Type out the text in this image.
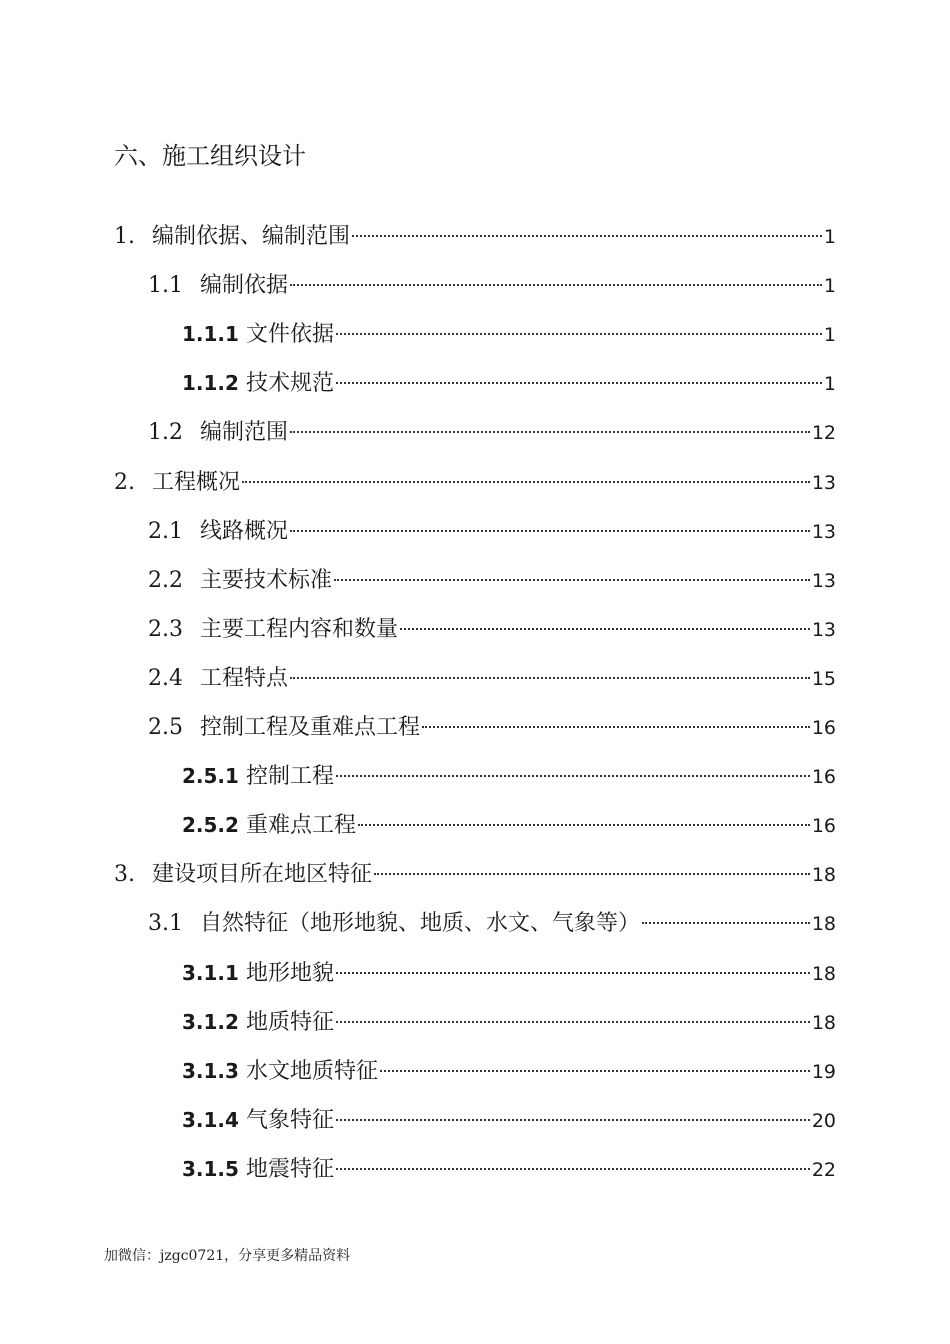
六、施工组织设计
1. 编制依据、编制范围	1
1.1 编制依据	1
1.1.1 文件依据	1
1.1.2 技术规范	1
1.2 编制范围	12
2. 工程概况	13
2.1 线路概况	13
2.2 主要技术标准	13
2.3 主要工程内容和数量	13
2.4 工程特点	15
2.5 控制工程及重难点工程	16
2.5.1 控制工程	16
2.5.2 重难点工程	16
3. 建设项目所在地区特征	18
3.1 自然特征（地形地貌、地质、水文、气象等）	18
3.1.1 地形地貌	18
3.1.2 地质特征	18
3.1.3 水文地质特征	19
3.1.4 气象特征	20
3.1.5 地震特征	22
加微信：jzgc0721，分享更多精品资料
